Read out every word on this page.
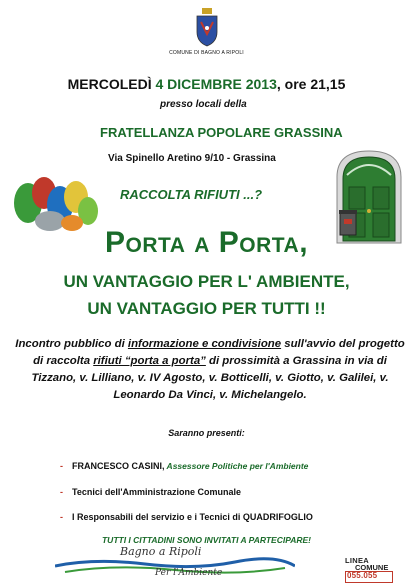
COMUNE DI BAGNO A RIPOLI
MERCOLEDÌ 4 DICEMBRE 2013, ore 21,15
presso locali della
FRATELLANZA POPOLARE GRASSINA
Via Spinello Aretino 9/10 - Grassina
RACCOLTA RIFIUTI ...?
Porta a Porta,
UN VANTAGGIO PER L' AMBIENTE,
UN VANTAGGIO PER TUTTI !!
Incontro pubblico di informazione e condivisione sull'avvio del progetto di raccolta rifiuti “porta a porta” di prossimità a Grassina in via di Tizzano, v. Lilliano, v. IV Agosto, v. Botticelli, v. Giotto, v. Galilei, v. Leonardo Da Vinci, v. Michelangelo.
Saranno presenti:
- FRANCESCO CASINI, Assessore Politiche per l'Ambiente
- Tecnici dell'Amministrazione Comunale
- I Responsabili del servizio e i Tecnici di QUADRIFOGLIO
TUTTI I CITTADINI SONO INVITATI A PARTECIPARE!
Bagno a Ripoli
Per l'Ambiente
LINEA
COMUNE
055.055
